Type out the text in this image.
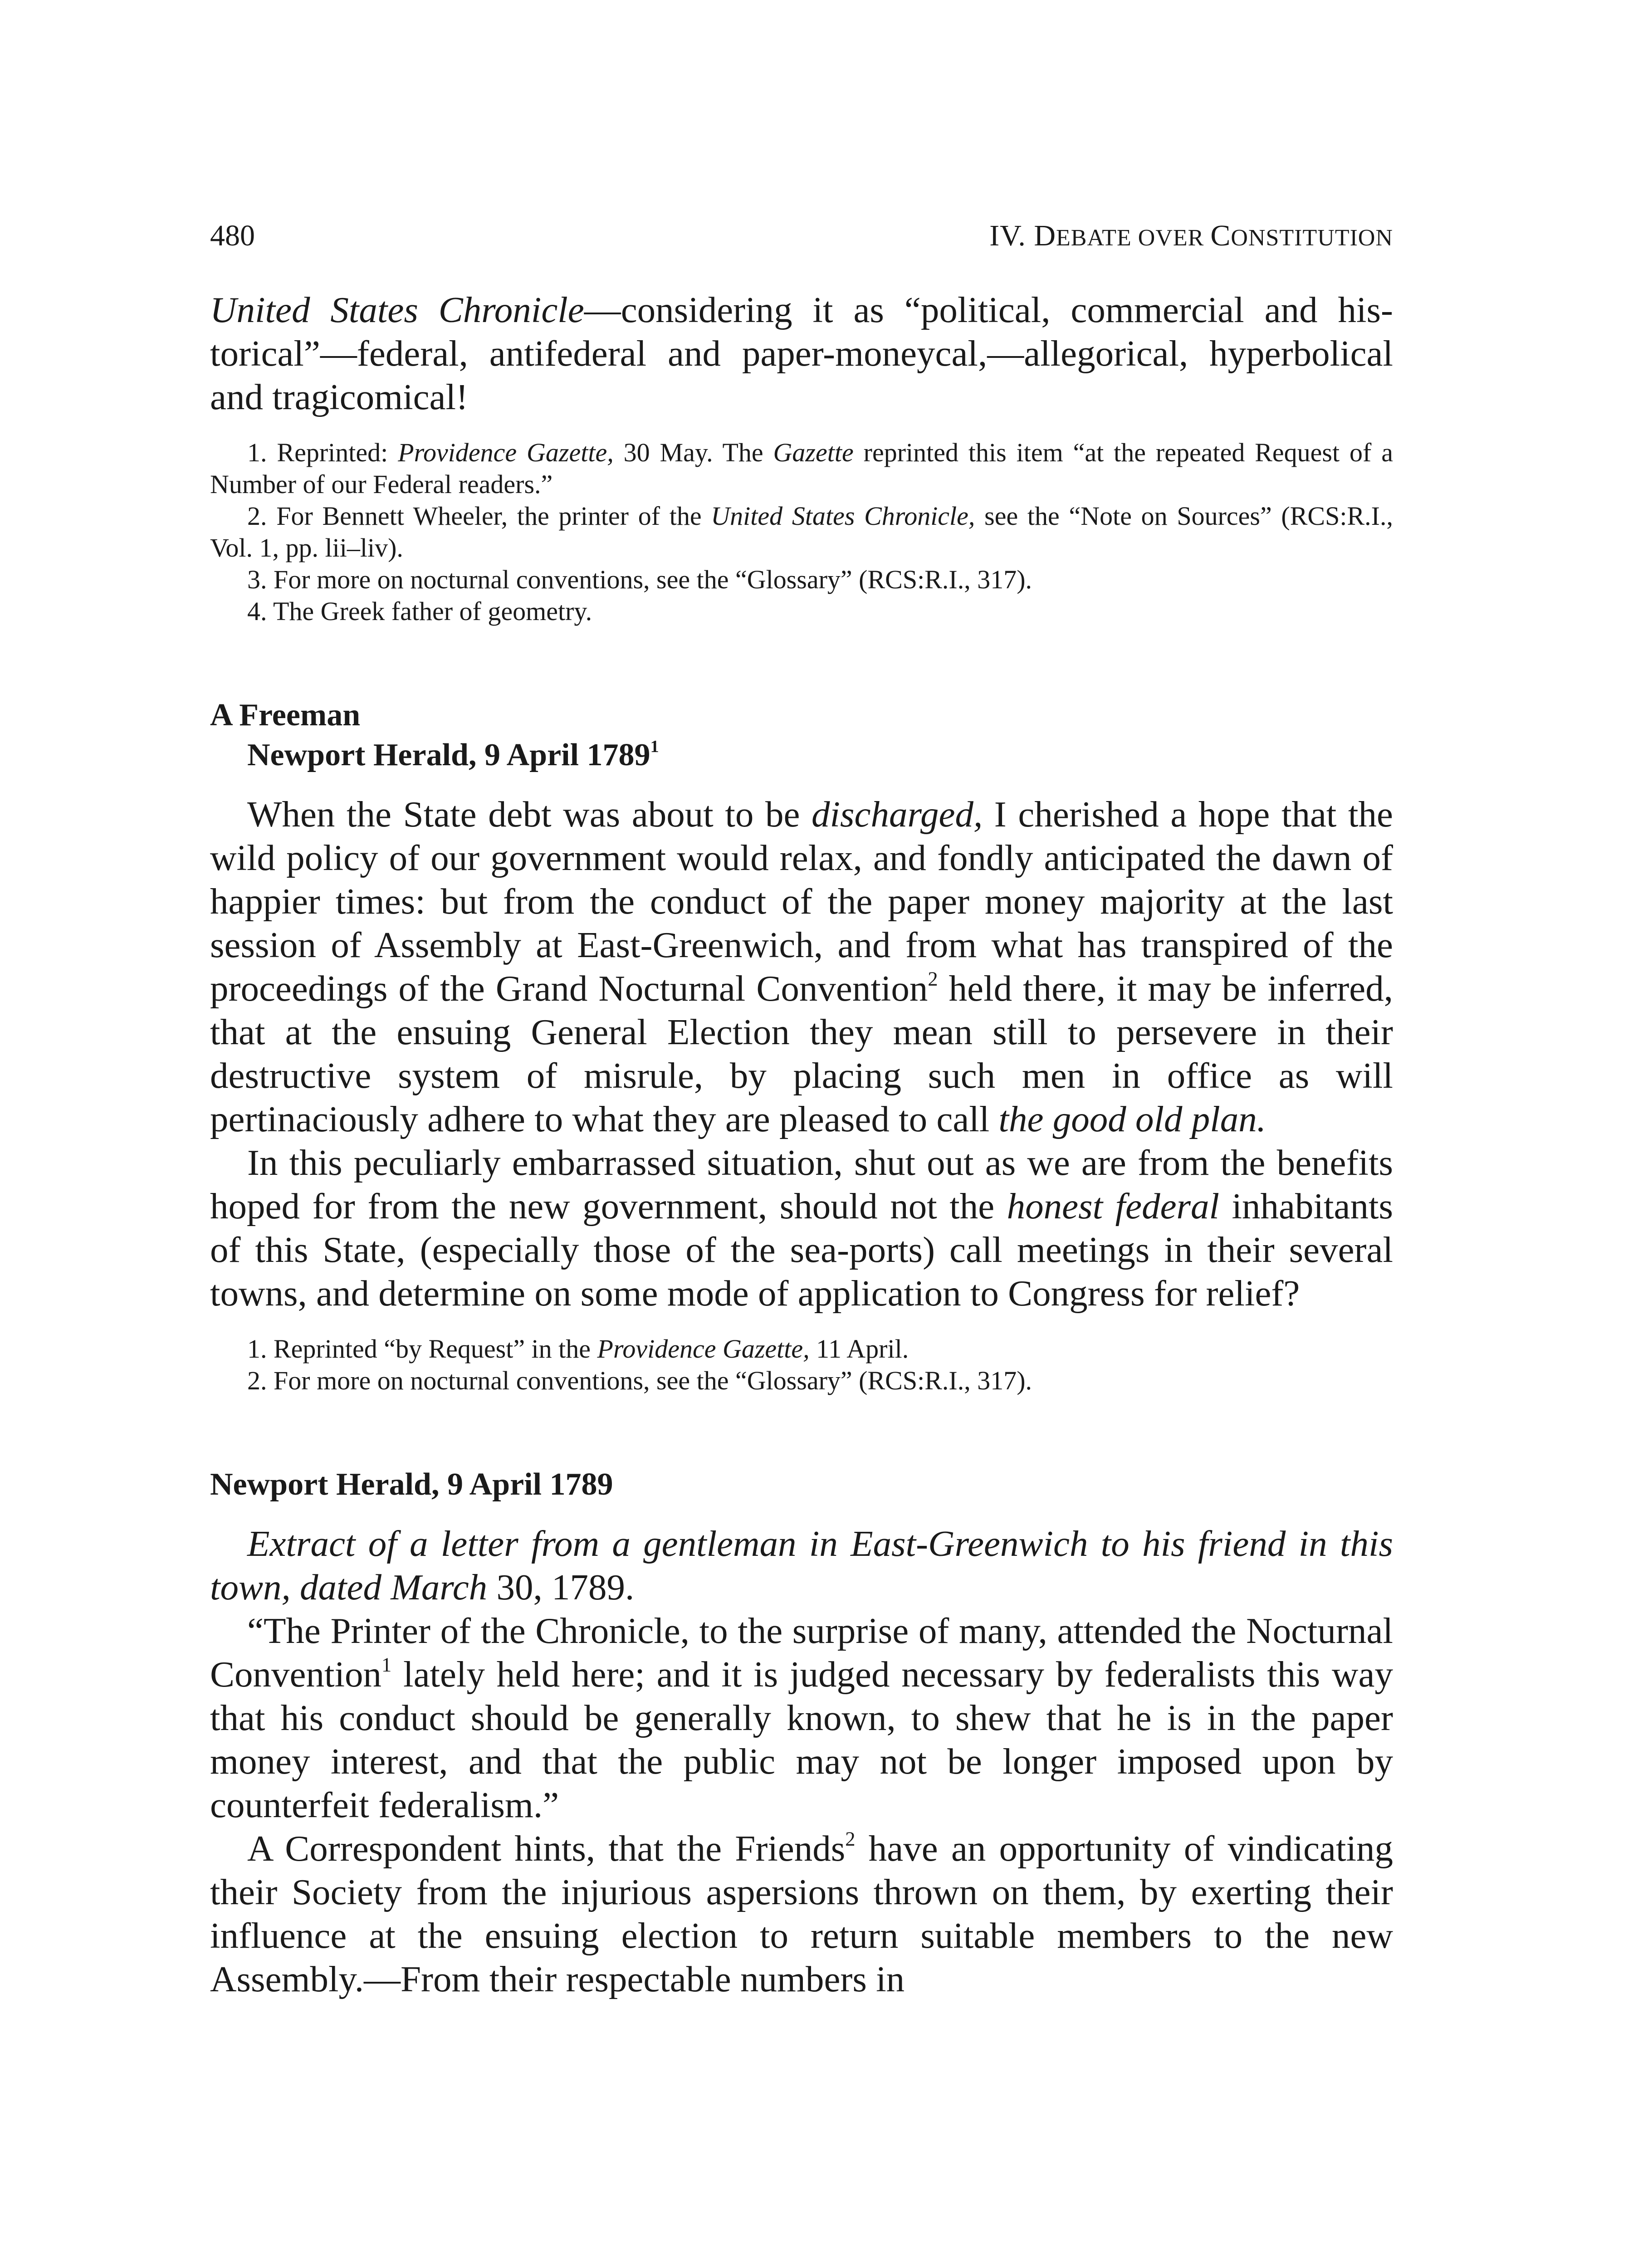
480	IV. DEBATE OVER CONSTITUTION

United States Chronicle—considering it as “political, commercial and historical”—federal, antifederal and paper-moneycal,—allegorical, hyperbolical and tragicomical!

1. Reprinted: Providence Gazette, 30 May. The Gazette reprinted this item “at the repeated Request of a Number of our Federal readers.”

2. For Bennett Wheeler, the printer of the United States Chronicle, see the “Note on Sources” (RCS:R.I., Vol. 1, pp. lii–liv).

3. For more on nocturnal conventions, see the “Glossary” (RCS:R.I., 317).

4. The Greek father of geometry.

A Freeman
Newport Herald, 9 April 1789$^1$

When the State debt was about to be discharged, I cherished a hope that the wild policy of our government would relax, and fondly anticipated the dawn of happier times: but from the conduct of the paper money majority at the last session of Assembly at East-Greenwich, and from what has transpired of the proceedings of the Grand Nocturnal Convention$^2$ held there, it may be inferred, that at the ensuing General Election they mean still to persevere in their destructive system of misrule, by placing such men in office as will pertinaciously adhere to what they are pleased to call the good old plan.

In this peculiarly embarrassed situation, shut out as we are from the benefits hoped for from the new government, should not the honest federal inhabitants of this State, (especially those of the sea-ports) call meetings in their several towns, and determine on some mode of application to Congress for relief?

1. Reprinted “by Request” in the Providence Gazette, 11 April.

2. For more on nocturnal conventions, see the “Glossary” (RCS:R.I., 317).

Newport Herald, 9 April 1789

Extract of a letter from a gentleman in East-Greenwich to his friend in this town, dated March 30, 1789.

“The Printer of the Chronicle, to the surprise of many, attended the Nocturnal Convention$^1$ lately held here; and it is judged necessary by federalists this way that his conduct should be generally known, to shew that he is in the paper money interest, and that the public may not be longer imposed upon by counterfeit federalism.”

A Correspondent hints, that the Friends$^2$ have an opportunity of vindicating their Society from the injurious aspersions thrown on them, by exerting their influence at the ensuing election to return suitable members to the new Assembly.—From their respectable numbers in
